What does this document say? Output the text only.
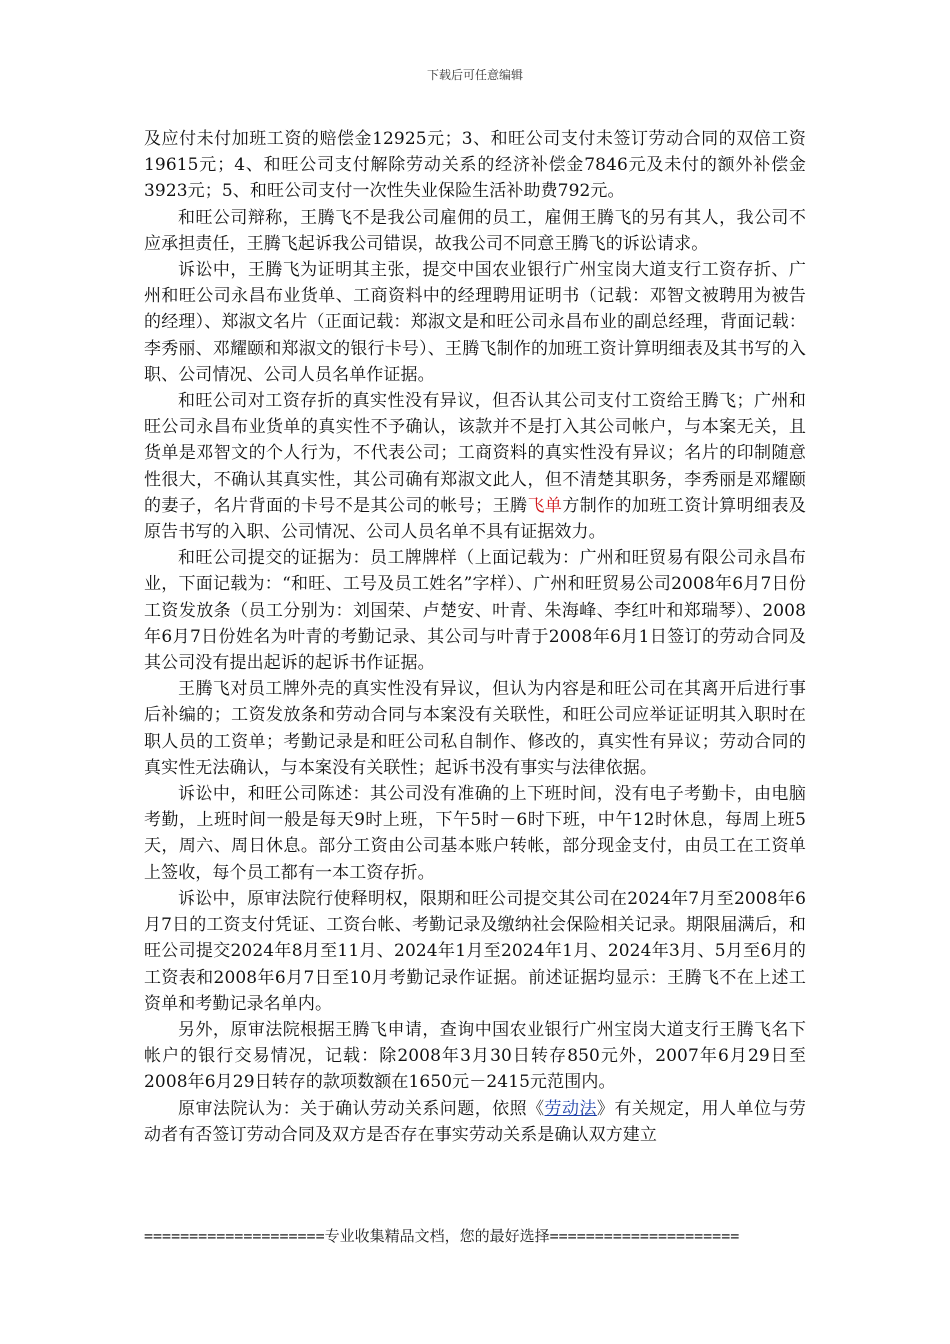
下载后可任意编辑

及应付未付加班工资的赔偿金12925元；3、和旺公司支付未签订劳动合同的双倍工资19615元；4、和旺公司支付解除劳动关系的经济补偿金7846元及未付的额外补偿金3923元；5、和旺公司支付一次性失业保险生活补助费792元。

和旺公司辩称，王腾飞不是我公司雇佣的员工，雇佣王腾飞的另有其人，我公司不应承担责任，王腾飞起诉我公司错误，故我公司不同意王腾飞的诉讼请求。

诉讼中，王腾飞为证明其主张，提交中国农业银行广州宝岗大道支行工资存折、广州和旺公司永昌布业货单、工商资料中的经理聘用证明书（记载：邓智文被聘用为被告的经理）、郑淑文名片（正面记载：郑淑文是和旺公司永昌布业的副总经理，背面记载：李秀丽、邓耀颐和郑淑文的银行卡号）、王腾飞制作的加班工资计算明细表及其书写的入职、公司情况、公司人员名单作证据。

和旺公司对工资存折的真实性没有异议，但否认其公司支付工资给王腾飞；广州和旺公司永昌布业货单的真实性不予确认，该款并不是打入其公司帐户，与本案无关，且货单是邓智文的个人行为，不代表公司；工商资料的真实性没有异议；名片的印制随意性很大，不确认其真实性，其公司确有郑淑文此人，但不清楚其职务，李秀丽是邓耀颐的妻子，名片背面的卡号不是其公司的帐号；王腾飞单方制作的加班工资计算明细表及原告书写的入职、公司情况、公司人员名单不具有证据效力。

和旺公司提交的证据为：员工牌牌样（上面记载为：广州和旺贸易有限公司永昌布业，下面记载为：“和旺、工号及员工姓名”字样）、广州和旺贸易公司2008年6月7日份工资发放条（员工分别为：刘国荣、卢楚安、叶青、朱海峰、李红叶和郑瑞琴）、2008年6月7日份姓名为叶青的考勤记录、其公司与叶青于2008年6月1日签订的劳动合同及其公司没有提出起诉的起诉书作证据。

王腾飞对员工牌外壳的真实性没有异议，但认为内容是和旺公司在其离开后进行事后补编的；工资发放条和劳动合同与本案没有关联性，和旺公司应举证证明其入职时在职人员的工资单；考勤记录是和旺公司私自制作、修改的，真实性有异议；劳动合同的真实性无法确认，与本案没有关联性；起诉书没有事实与法律依据。

诉讼中，和旺公司陈述：其公司没有准确的上下班时间，没有电子考勤卡，由电脑考勤，上班时间一般是每天9时上班，下午5时－6时下班，中午12时休息，每周上班5天，周六、周日休息。部分工资由公司基本账户转帐，部分现金支付，由员工在工资单上签收，每个员工都有一本工资存折。

诉讼中，原审法院行使释明权，限期和旺公司提交其公司在2024年7月至2008年6月7日的工资支付凭证、工资台帐、考勤记录及缴纳社会保险相关记录。期限届满后，和旺公司提交2024年8月至11月、2024年1月至2024年1月、2024年3月、5月至6月的工资表和2008年6月7日至10月考勤记录作证据。前述证据均显示：王腾飞不在上述工资单和考勤记录名单内。

另外，原审法院根据王腾飞申请，查询中国农业银行广州宝岗大道支行王腾飞名下帐户的银行交易情况，记载：除2008年3月30日转存850元外，2007年6月29日至2008年6月29日转存的款项数额在1650元－2415元范围内。

原审法院认为：关于确认劳动关系问题，依照《劳动法》有关规定，用人单位与劳动者有否签订劳动合同及双方是否存在事实劳动关系是确认双方建立

====================专业收集精品文档，您的最好选择=====================
